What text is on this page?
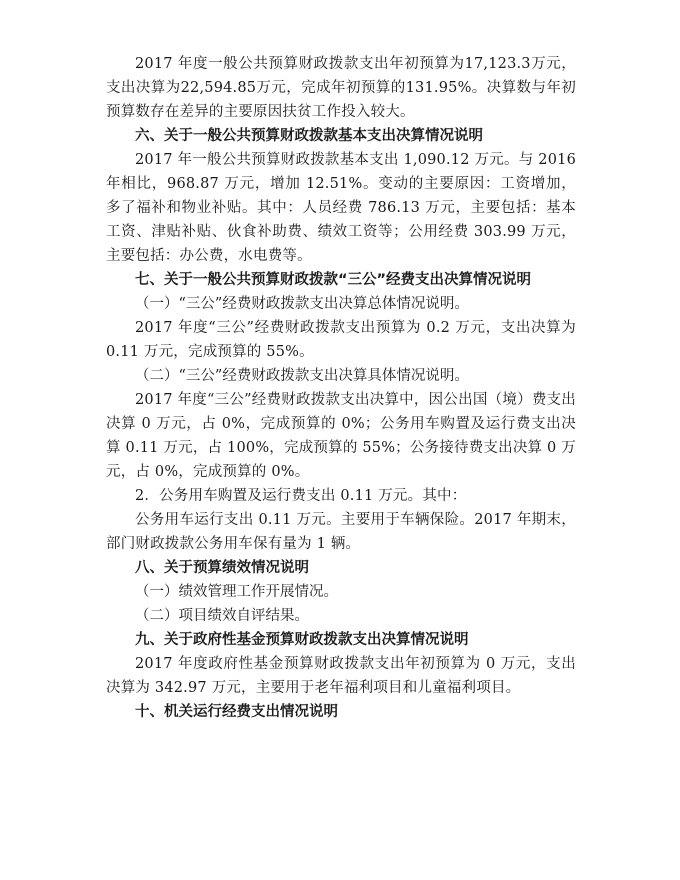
2017 年度一般公共预算财政拨款支出年初预算为17,123.3万元，支出决算为22,594.85万元，完成年初预算的131.95%。决算数与年初预算数存在差异的主要原因扶贫工作投入较大。

六、关于一般公共预算财政拨款基本支出决算情况说明

2017 年一般公共预算财政拨款基本支出 1,090.12 万元。与 2016 年相比，968.87 万元，增加 12.51%。变动的主要原因：工资增加，多了福补和物业补贴。其中：人员经费 786.13 万元，主要包括：基本工资、津贴补贴、伙食补助费、绩效工资等；公用经费 303.99 万元，主要包括：办公费，水电费等。

七、关于一般公共预算财政拨款“三公”经费支出决算情况说明

（一）“三公”经费财政拨款支出决算总体情况说明。

2017 年度“三公”经费财政拨款支出预算为 0.2 万元，支出决算为 0.11 万元，完成预算的 55%。

（二）“三公”经费财政拨款支出决算具体情况说明。

2017 年度“三公”经费财政拨款支出决算中，因公出国（境）费支出决算 0 万元，占 0%，完成预算的 0%；公务用车购置及运行费支出决算 0.11 万元，占 100%，完成预算的 55%；公务接待费支出决算 0 万元，占 0%，完成预算的 0%。

2．公务用车购置及运行费支出 0.11 万元。其中：

公务用车运行支出 0.11 万元。主要用于车辆保险。2017 年期末，部门财政拨款公务用车保有量为 1 辆。

八、关于预算绩效情况说明

（一）绩效管理工作开展情况。

（二）项目绩效自评结果。

九、关于政府性基金预算财政拨款支出决算情况说明

2017 年度政府性基金预算财政拨款支出年初预算为 0 万元，支出决算为 342.97 万元，主要用于老年福利项目和儿童福利项目。

十、机关运行经费支出情况说明
